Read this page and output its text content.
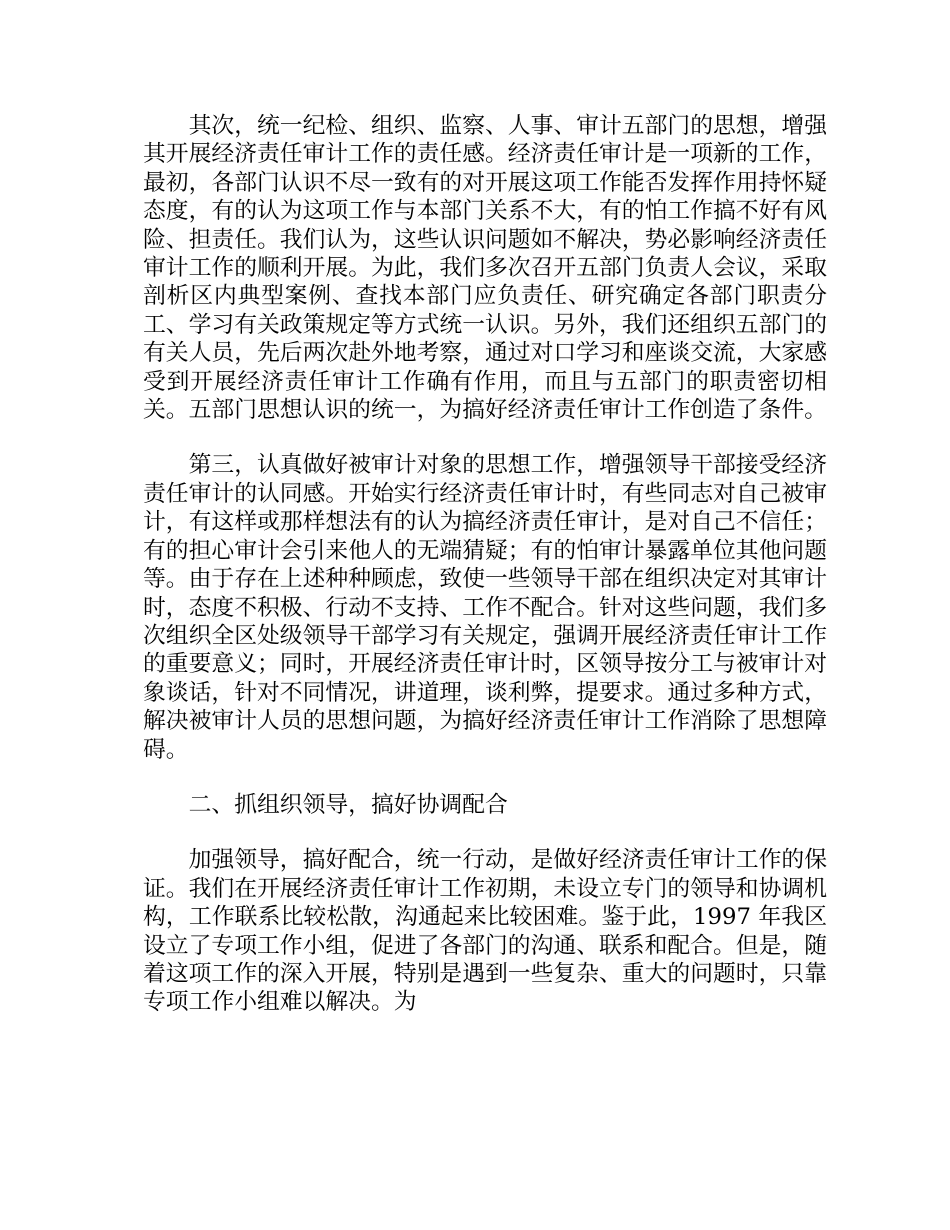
其次，统一纪检、组织、监察、人事、审计五部门的思想，增强其开展经济责任审计工作的责任感。经济责任审计是一项新的工作，最初，各部门认识不尽一致有的对开展这项工作能否发挥作用持怀疑态度，有的认为这项工作与本部门关系不大，有的怕工作搞不好有风险、担责任。我们认为，这些认识问题如不解决，势必影响经济责任审计工作的顺利开展。为此，我们多次召开五部门负责人会议，采取剖析区内典型案例、查找本部门应负责任、研究确定各部门职责分工、学习有关政策规定等方式统一认识。另外，我们还组织五部门的有关人员，先后两次赴外地考察，通过对口学习和座谈交流，大家感受到开展经济责任审计工作确有作用，而且与五部门的职责密切相关。五部门思想认识的统一，为搞好经济责任审计工作创造了条件。

第三，认真做好被审计对象的思想工作，增强领导干部接受经济责任审计的认同感。开始实行经济责任审计时，有些同志对自己被审计，有这样或那样想法有的认为搞经济责任审计，是对自己不信任；有的担心审计会引来他人的无端猜疑；有的怕审计暴露单位其他问题等。由于存在上述种种顾虑，致使一些领导干部在组织决定对其审计时，态度不积极、行动不支持、工作不配合。针对这些问题，我们多次组织全区处级领导干部学习有关规定，强调开展经济责任审计工作的重要意义；同时，开展经济责任审计时，区领导按分工与被审计对象谈话，针对不同情况，讲道理，谈利弊，提要求。通过多种方式，解决被审计人员的思想问题，为搞好经济责任审计工作消除了思想障碍。

二、抓组织领导，搞好协调配合

加强领导，搞好配合，统一行动，是做好经济责任审计工作的保证。我们在开展经济责任审计工作初期，未设立专门的领导和协调机构，工作联系比较松散，沟通起来比较困难。鉴于此，1997 年我区设立了专项工作小组，促进了各部门的沟通、联系和配合。但是，随着这项工作的深入开展，特别是遇到一些复杂、重大的问题时，只靠专项工作小组难以解决。为
